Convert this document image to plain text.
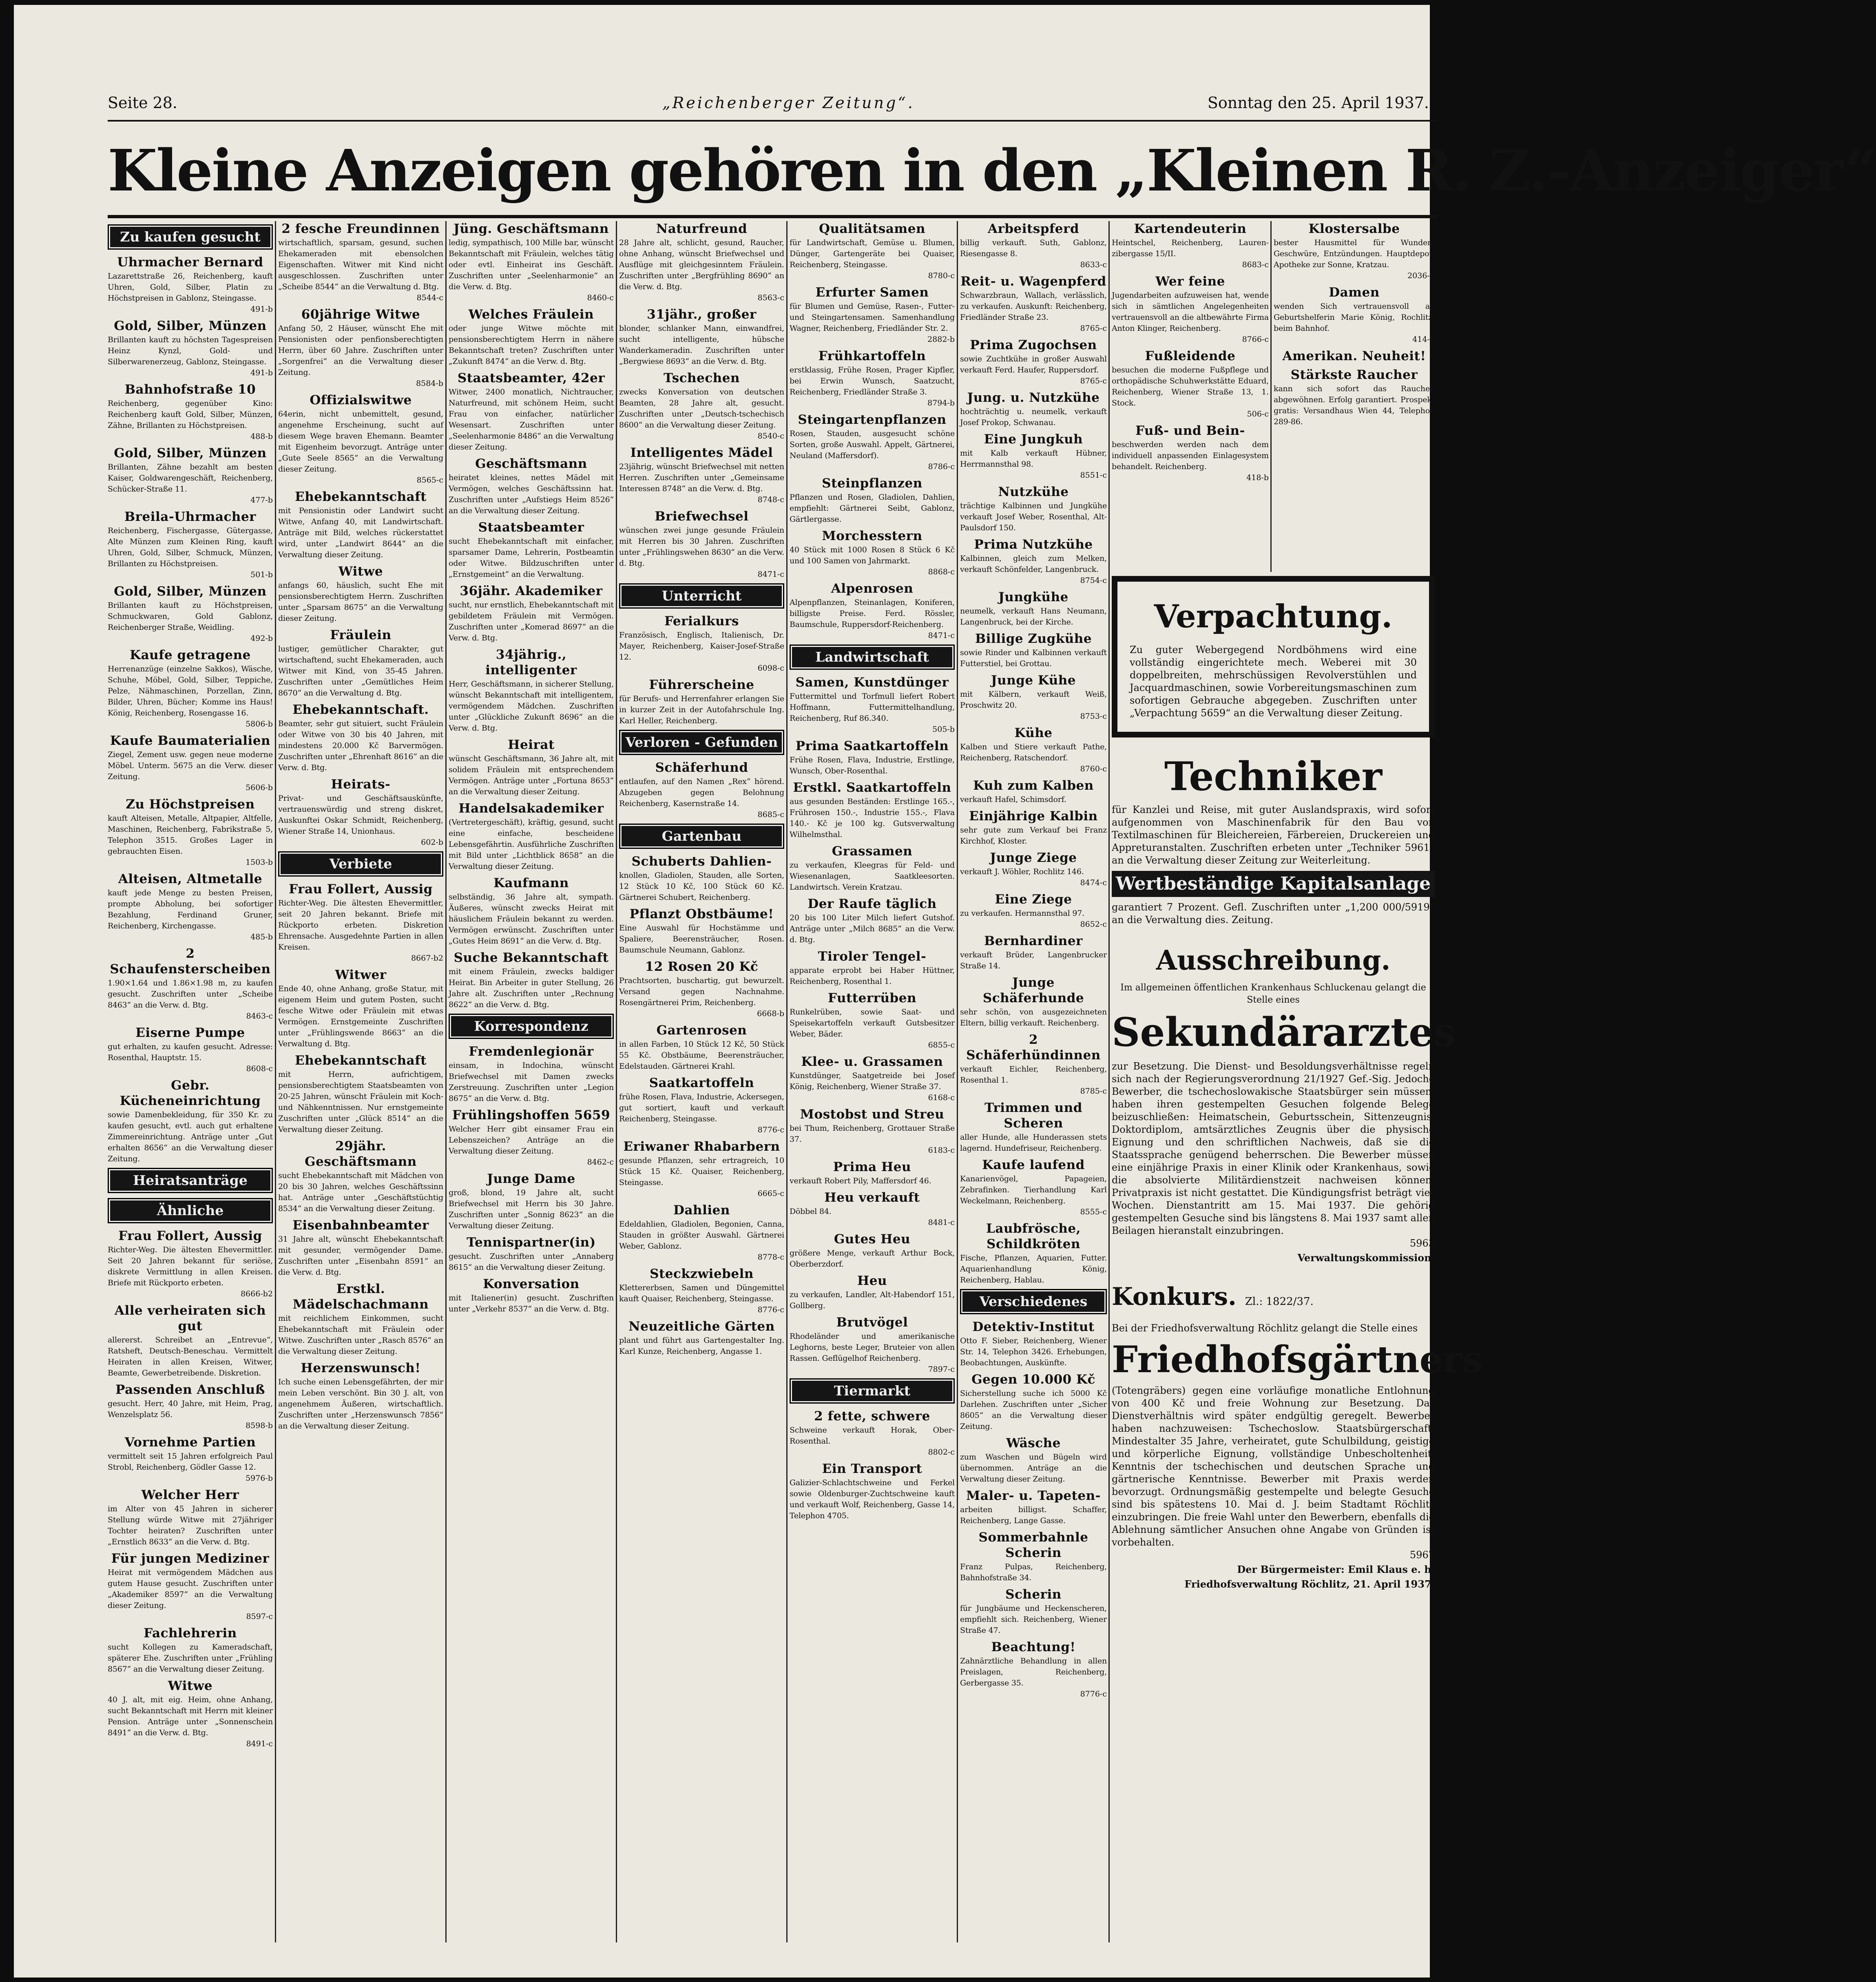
Seite 28.	„Reichenberger Zeitung“.	Sonntag den 25. April 1937.
Kleine Anzeigen gehören in den „Kleinen R. Z.-Anzeiger“
Zu kaufen gesucht
Uhrmacher Bernard

Lazarettstraße 26, Reichenberg, kauft Uhren, Gold, Silber, Platin zu Höchstpreisen in Gablonz, Steingasse.

491-b
Gold, Silber, Münzen

Brillanten kauft zu höchsten Tagespreisen Heinz Kynzl, Gold- und Silberwarenerzeug, Gablonz, Steingasse.

491-b
Bahnhofstraße 10

Reichenberg, gegenüber Kino: Reichenberg kauft Gold, Silber, Münzen, Zähne, Brillanten zu Höchstpreisen.

488-b
Gold, Silber, Münzen

Brillanten, Zähne bezahlt am besten Kaiser, Goldwarengeschäft, Reichenberg, Schücker-Straße 11.

477-b
Breila-Uhrmacher

Reichenberg, Fischergasse, Gütergasse, Alte Münzen zum Kleinen Ring, kauft Uhren, Gold, Silber, Schmuck, Münzen, Brillanten zu Höchstpreisen.

501-b
Gold, Silber, Münzen

Brillanten kauft zu Höchstpreisen, Schmuckwaren, Gold Gablonz, Reichenberger Straße, Weidling.

492-b
Kaufe getragene

Herrenanzüge (einzelne Sakkos), Wäsche, Schuhe, Möbel, Gold, Silber, Teppiche, Pelze, Nähmaschinen, Porzellan, Zinn, Bilder, Uhren, Bücher; Komme ins Haus! König, Reichenberg, Rosengasse 16.

5806-b
Kaufe Baumaterialien

Ziegel, Zement usw. gegen neue moderne Möbel. Unterm. 5675 an die Verw. dieser Zeitung.

5606-b
Zu Höchstpreisen

kauft Alteisen, Metalle, Altpapier, Altfelle, Maschinen, Reichenberg, Fabrikstraße 5, Telephon 3515. Großes Lager in gebrauchten Eisen.

1503-b
Alteisen, Altmetalle

kauft jede Menge zu besten Preisen, prompte Abholung, bei sofortiger Bezahlung, Ferdinand Gruner, Reichenberg, Kirchengasse.

485-b
2 Schaufensterscheiben

1.90×1.64 und 1.86×1.98 m, zu kaufen gesucht. Zuschriften unter „Scheibe 8463“ an die Verw. d. Btg.

8463-c
Eiserne Pumpe

gut erhalten, zu kaufen gesucht. Adresse: Rosenthal, Hauptstr. 15.

8608-c
Gebr. Kücheneinrichtung

sowie Damenbekleidung, für 350 Kr. zu kaufen gesucht, evtl. auch gut erhaltene Zimmereinrichtung. Anträge unter „Gut erhalten 8656“ an die Verwaltung dieser Zeitung.

Heiratsanträge
Ähnliche
Frau Follert, Aussig

Richter-Weg. Die ältesten Ehevermittler. Seit 20 Jahren bekannt für seriöse, diskrete Vermittlung in allen Kreisen. Briefe mit Rückporto erbeten.

8666-b2
Alle verheiraten sich gut

allererst. Schreibet an „Entrevue“, Ratsheft, Deutsch-Beneschau. Vermittelt Heiraten in allen Kreisen, Witwer, Beamte, Gewerbetreibende. Diskretion.

Passenden Anschluß

gesucht. Herr, 40 Jahre, mit Heim, Prag, Wenzelsplatz 56.

8598-b
Vornehme Partien

vermittelt seit 15 Jahren erfolgreich Paul Strobl, Reichenberg, Gödler Gasse 12.

5976-b
Welcher Herr

im Alter von 45 Jahren in sicherer Stellung würde Witwe mit 27jähriger Tochter heiraten? Zuschriften unter „Ernstlich 8633“ an die Verw. d. Btg.

Für jungen Mediziner

Heirat mit vermögendem Mädchen aus gutem Hause gesucht. Zuschriften unter „Akademiker 8597“ an die Verwaltung dieser Zeitung.

8597-c
Fachlehrerin

sucht Kollegen zu Kameradschaft, späterer Ehe. Zuschriften unter „Frühling 8567“ an die Verwaltung dieser Zeitung.

Witwe

40 J. alt, mit eig. Heim, ohne Anhang, sucht Bekanntschaft mit Herrn mit kleiner Pension. Anträge unter „Sonnenschein 8491“ an die Verw. d. Btg.

8491-c
2 fesche Freundinnen

wirtschaftlich, sparsam, gesund, suchen Ehekameraden mit ebensolchen Eigenschaften. Witwer mit Kind nicht ausgeschlossen. Zuschriften unter „Scheibe 8544“ an die Verwaltung d. Btg.

8544-c
60jährige Witwe

Anfang 50, 2 Häuser, wünscht Ehe mit Pensionisten oder penfionsberechtigten Herrn, über 60 Jahre. Zuschriften unter „Sorgenfrei“ an die Verwaltung dieser Zeitung.

8584-b
Offizialswitwe

64erin, nicht unbemittelt, gesund, angenehme Erscheinung, sucht auf diesem Wege braven Ehemann. Beamter mit Eigenheim bevorzugt. Anträge unter „Gute Seele 8565“ an die Verwaltung dieser Zeitung.

8565-c
Ehebekanntschaft

mit Pensionistin oder Landwirt sucht Witwe, Anfang 40, mit Landwirtschaft. Anträge mit Bild, welches rückerstattet wird, unter „Landwirt 8644“ an die Verwaltung dieser Zeitung.

Witwe

anfangs 60, häuslich, sucht Ehe mit pensionsberechtigtem Herrn. Zuschriften unter „Sparsam 8675“ an die Verwaltung dieser Zeitung.

Fräulein

lustiger, gemütlicher Charakter, gut wirtschaftend, sucht Ehekameraden, auch Witwer mit Kind, von 35-45 Jahren. Zuschriften unter „Gemütliches Heim 8670“ an die Verwaltung d. Btg.

Ehebekanntschaft.

Beamter, sehr gut situiert, sucht Fräulein oder Witwe von 30 bis 40 Jahren, mit mindestens 20.000 Kč Barvermögen. Zuschriften unter „Ehrenhaft 8616“ an die Verw. d. Btg.

Heirats-

Privat- und Geschäftsauskünfte, vertrauenswürdig und streng diskret, Auskunftei Oskar Schmidt, Reichenberg, Wiener Straße 14, Unionhaus.

602-b
Verbiete
Frau Follert, Aussig

Richter-Weg. Die ältesten Ehevermittler, seit 20 Jahren bekannt. Briefe mit Rückporto erbeten. Diskretion Ehrensache. Ausgedehnte Partien in allen Kreisen.

8667-b2
Witwer

Ende 40, ohne Anhang, große Statur, mit eigenem Heim und gutem Posten, sucht fesche Witwe oder Fräulein mit etwas Vermögen. Ernstgemeinte Zuschriften unter „Frühlingswende 8663“ an die Verwaltung d. Btg.

Ehebekanntschaft

mit Herrn, aufrichtigem, pensionsberechtigtem Staatsbeamten von 20-25 Jahren, wünscht Fräulein mit Koch- und Nähkenntnissen. Nur ernstgemeinte Zuschriften unter „Glück 8514“ an die Verwaltung dieser Zeitung.

29jähr. Geschäftsmann

sucht Ehebekanntschaft mit Mädchen von 20 bis 30 Jahren, welches Geschäftssinn hat. Anträge unter „Geschäftstüchtig 8534“ an die Verwaltung dieser Zeitung.

Eisenbahnbeamter

31 Jahre alt, wünscht Ehebekanntschaft mit gesunder, vermögender Dame. Zuschriften unter „Eisenbahn 8591“ an die Verw. d. Btg.

Erstkl. Mädelschachmann

mit reichlichem Einkommen, sucht Ehebekanntschaft mit Fräulein oder Witwe. Zuschriften unter „Rasch 8576“ an die Verwaltung dieser Zeitung.

Herzenswunsch!

Ich suche einen Lebensgefährten, der mir mein Leben verschönt. Bin 30 J. alt, von angenehmem Äußeren, wirtschaftlich. Zuschriften unter „Herzenswunsch 7856“ an die Verwaltung dieser Zeitung.

Jüng. Geschäftsmann

ledig, sympathisch, 100 Mille bar, wünscht Bekanntschaft mit Fräulein, welches tätig oder evtl. Einheirat ins Geschäft. Zuschriften unter „Seelenharmonie“ an die Verw. d. Btg.

8460-c
Welches Fräulein

oder junge Witwe möchte mit pensionsberechtigtem Herrn in nähere Bekanntschaft treten? Zuschriften unter „Zukunft 8474“ an die Verw. d. Btg.

Staatsbeamter, 42er

Witwer, 2400 monatlich, Nichtraucher, Naturfreund, mit schönem Heim, sucht Frau von einfacher, natürlicher Wesensart. Zuschriften unter „Seelenharmonie 8486“ an die Verwaltung dieser Zeitung.

Geschäftsmann

heiratet kleines, nettes Mädel mit Vermögen, welches Geschäftssinn hat. Zuschriften unter „Aufstiegs Heim 8526“ an die Verwaltung dieser Zeitung.

Staatsbeamter

sucht Ehebekanntschaft mit einfacher, sparsamer Dame, Lehrerin, Postbeamtin oder Witwe. Bildzuschriften unter „Ernstgemeint“ an die Verwaltung.

36jähr. Akademiker

sucht, nur ernstlich, Ehebekanntschaft mit gebildetem Fräulein mit Vermögen. Zuschriften unter „Komerad 8697“ an die Verw. d. Btg.

34jährig., intelligenter

Herr, Geschäftsmann, in sicherer Stellung, wünscht Bekanntschaft mit intelligentem, vermögendem Mädchen. Zuschriften unter „Glückliche Zukunft 8696“ an die Verw. d. Btg.

Heirat

wünscht Geschäftsmann, 36 Jahre alt, mit solidem Fräulein mit entsprechendem Vermögen. Anträge unter „Fortuna 8653“ an die Verwaltung dieser Zeitung.

Handelsakademiker

(Vertretergeschäft), kräftig, gesund, sucht eine einfache, bescheidene Lebensgefährtin. Ausführliche Zuschriften mit Bild unter „Lichtblick 8658“ an die Verwaltung dieser Zeitung.

Kaufmann

selbständig, 36 Jahre alt, sympath. Äußeres, wünscht zwecks Heirat mit häuslichem Fräulein bekannt zu werden. Vermögen erwünscht. Zuschriften unter „Gutes Heim 8691“ an die Verw. d. Btg.

Suche Bekanntschaft

mit einem Fräulein, zwecks baldiger Heirat. Bin Arbeiter in guter Stellung, 26 Jahre alt. Zuschriften unter „Rechnung 8622“ an die Verw. d. Btg.

Korrespondenz
Fremdenlegionär

einsam, in Indochina, wünscht Briefwechsel mit Damen zwecks Zerstreuung. Zuschriften unter „Legion 8675“ an die Verw. d. Btg.

Frühlingshoffen 5659

Welcher Herr gibt einsamer Frau ein Lebenszeichen? Anträge an die Verwaltung dieser Zeitung.

8462-c
Junge Dame

groß, blond, 19 Jahre alt, sucht Briefwechsel mit Herrn bis 30 Jahre. Zuschriften unter „Sonnig 8623“ an die Verwaltung dieser Zeitung.

Tennispartner(in)

gesucht. Zuschriften unter „Annaberg 8615“ an die Verwaltung dieser Zeitung.

Konversation

mit Italiener(in) gesucht. Zuschriften unter „Verkehr 8537“ an die Verw. d. Btg.

Naturfreund

28 Jahre alt, schlicht, gesund, Raucher, ohne Anhang, wünscht Briefwechsel und Ausflüge mit gleichgesinntem Fräulein. Zuschriften unter „Bergfrühling 8690“ an die Verw. d. Btg.

8563-c
31jähr., großer

blonder, schlanker Mann, einwandfrei, sucht intelligente, hübsche Wanderkameradin. Zuschriften unter „Bergwiese 8693“ an die Verw. d. Btg.

Tschechen

zwecks Konversation von deutschen Beamten, 28 Jahre alt, gesucht. Zuschriften unter „Deutsch-tschechisch 8600“ an die Verwaltung dieser Zeitung.

8540-c
Intelligentes Mädel

23jährig, wünscht Briefwechsel mit netten Herren. Zuschriften unter „Gemeinsame Interessen 8748“ an die Verw. d. Btg.

8748-c
Briefwechsel

wünschen zwei junge gesunde Fräulein mit Herren bis 30 Jahren. Zuschriften unter „Frühlingswehen 8630“ an die Verw. d. Btg.

8471-c
Unterricht
Ferialkurs

Französisch, Englisch, Italienisch, Dr. Mayer, Reichenberg, Kaiser-Josef-Straße 12.

6098-c
Führerscheine

für Berufs- und Herrenfahrer erlangen Sie in kurzer Zeit in der Autofahrschule Ing. Karl Heller, Reichenberg.

Verloren - Gefunden
Schäferhund

entlaufen, auf den Namen „Rex“ hörend. Abzugeben gegen Belohnung Reichenberg, Kasernstraße 14.

8685-c
Gartenbau
Schuberts Dahlien-

knollen, Gladiolen, Stauden, alle Sorten, 12 Stück 10 Kč, 100 Stück 60 Kč. Gärtnerei Schubert, Reichenberg.

Pflanzt Obstbäume!

Eine Auswahl für Hochstämme und Spaliere, Beerensträucher, Rosen. Baumschule Neumann, Gablonz.

12 Rosen 20 Kč

Prachtsorten, buschartig, gut bewurzelt. Versand gegen Nachnahme. Rosengärtnerei Prim, Reichenberg.

6668-b
Gartenrosen

in allen Farben, 10 Stück 12 Kč, 50 Stück 55 Kč. Obstbäume, Beerensträucher, Edelstauden. Gärtnerei Krahl.

Saatkartoffeln

frühe Rosen, Flava, Industrie, Ackersegen, gut sortiert, kauft und verkauft Reichenberg, Steingasse.

8776-c
Eriwaner Rhabarbern

gesunde Pflanzen, sehr ertragreich, 10 Stück 15 Kč. Quaiser, Reichenberg, Steingasse.

6665-c
Dahlien

Edeldahlien, Gladiolen, Begonien, Canna, Stauden in größter Auswahl. Gärtnerei Weber, Gablonz.

8778-c
Steckzwiebeln

Klettererbsen, Samen und Düngemittel kauft Quaiser, Reichenberg, Steingasse.

8776-c
Neuzeitliche Gärten

plant und führt aus Gartengestalter Ing. Karl Kunze, Reichenberg, Angasse 1.

Qualitätsamen

für Landwirtschaft, Gemüse u. Blumen, Dünger, Gartengeräte bei Quaiser, Reichenberg, Steingasse.

8780-c
Erfurter Samen

für Blumen und Gemüse, Rasen-, Futter- und Steingartensamen. Samenhandlung Wagner, Reichenberg, Friedländer Str. 2.

2882-b
Frühkartoffeln

erstklassig, Frühe Rosen, Prager Kipfler, bei Erwin Wunsch, Saatzucht, Reichenberg, Friedländer Straße 3.

8794-b
Steingartenpflanzen

Rosen, Stauden, ausgesucht schöne Sorten, große Auswahl. Appelt, Gärtnerei, Neuland (Maffersdorf).

8786-c
Steinpflanzen

Pflanzen und Rosen, Gladiolen, Dahlien, empfiehlt: Gärtnerei Seibt, Gablonz, Gärtlergasse.

Morchesstern

40 Stück mit 1000 Rosen 8 Stück 6 Kč und 100 Samen von Jahrmarkt.

8868-c
Alpenrosen

Alpenpflanzen, Steinanlagen, Koniferen, billigste Preise. Ferd. Rössler, Baumschule, Ruppersdorf-Reichenberg.

8471-c
Landwirtschaft
Samen, Kunstdünger

Futtermittel und Torfmull liefert Robert Hoffmann, Futtermittelhandlung, Reichenberg, Ruf 86.340.

505-b
Prima Saatkartoffeln

Frühe Rosen, Flava, Industrie, Erstlinge, Wunsch, Ober-Rosenthal.

Erstkl. Saatkartoffeln

aus gesunden Beständen: Erstlinge 165.-, Frührosen 150.-, Industrie 155.-, Flava 140.- Kč je 100 kg. Gutsverwaltung Wilhelmsthal.

Grassamen

zu verkaufen, Kleegras für Feld- und Wiesenanlagen, Saatkleesorten. Landwirtsch. Verein Kratzau.

Der Raufe täglich

20 bis 100 Liter Milch liefert Gutshof. Anträge unter „Milch 8685“ an die Verw. d. Btg.

Tiroler Tengel-

apparate erprobt bei Haber Hüttner, Reichenberg, Rosenthal 1.

Futterrüben

Runkelrüben, sowie Saat- und Speisekartoffeln verkauft Gutsbesitzer Weber, Bäder.

6855-c
Klee- u. Grassamen

Kunstdünger, Saatgetreide bei Josef König, Reichenberg, Wiener Straße 37.

6168-c
Mostobst und Streu

bei Thum, Reichenberg, Grottauer Straße 37.

6183-c
Prima Heu

verkauft Robert Pily, Maffersdorf 46.

Heu verkauft

Döbbel 84.

8481-c
Gutes Heu

größere Menge, verkauft Arthur Bock, Oberberzdorf.

Heu

zu verkaufen, Landler, Alt-Habendorf 151, Gollberg.

Brutvögel

Rhodeländer und amerikanische Leghorns, beste Leger, Bruteier von allen Rassen. Geflügelhof Reichenberg.

7897-c
Tiermarkt
2 fette, schwere

Schweine verkauft Horak, Ober-Rosenthal.

8802-c
Ein Transport

Galizier-Schlachtschweine und Ferkel sowie Oldenburger-Zuchtschweine kauft und verkauft Wolf, Reichenberg, Gasse 14, Telephon 4705.

Arbeitspferd

billig verkauft. Suth, Gablonz, Riesengasse 8.

8633-c
Reit- u. Wagenpferd

Schwarzbraun, Wallach, verlässlich, zu verkaufen. Auskunft: Reichenberg, Friedländer Straße 23.

8765-c
Prima Zugochsen

sowie Zuchtkühe in großer Auswahl verkauft Ferd. Haufer, Ruppersdorf.

8765-c
Jung. u. Nutzkühe

hochträchtig u. neumelk, verkauft Josef Prokop, Schwanau.

Eine Jungkuh

mit Kalb verkauft Hübner, Herrmannsthal 98.

8551-c
Nutzkühe

trächtige Kalbinnen und Jungkühe verkauft Josef Weber, Rosenthal, Alt-Paulsdorf 150.

Prima Nutzkühe

Kalbinnen, gleich zum Melken, verkauft Schönfelder, Langenbruck.

8754-c
Jungkühe

neumelk, verkauft Hans Neumann, Langenbruck, bei der Kirche.

Billige Zugkühe

sowie Rinder und Kalbinnen verkauft Futterstiel, bei Grottau.

Junge Kühe

mit Kälbern, verkauft Weiß, Proschwitz 20.

8753-c
Kühe

Kalben und Stiere verkauft Pathe, Reichenberg, Ratschendorf.

8760-c
Kuh zum Kalben

verkauft Hafel, Schimsdorf.

Einjährige Kalbin

sehr gute zum Verkauf bei Franz Kirchhof, Kloster.

Junge Ziege

verkauft J. Wöhler, Rochlitz 146.

8474-c
Eine Ziege

zu verkaufen. Hermannsthal 97.

8652-c
Bernhardiner

verkauft Brüder, Langenbrucker Straße 14.

Junge Schäferhunde

sehr schön, von ausgezeichneten Eltern, billig verkauft. Reichenberg.

2 Schäferhündinnen

verkauft Eichler, Reichenberg, Rosenthal 1.

8785-c
Trimmen und Scheren

aller Hunde, alle Hunderassen stets lagernd. Hundefriseur, Reichenberg.

Kaufe laufend

Kanarienvögel, Papageien, Zebrafinken. Tierhandlung Karl Weckelmann, Reichenberg.

8555-c
Laubfrösche, Schildkröten

Fische, Pflanzen, Aquarien, Futter. Aquarienhandlung König, Reichenberg, Hablau.

Verschiedenes
Detektiv-Institut

Otto F. Sieber, Reichenberg, Wiener Str. 14, Telephon 3426. Erhebungen, Beobachtungen, Auskünfte.

Gegen 10.000 Kč

Sicherstellung suche ich 5000 Kč Darlehen. Zuschriften unter „Sicher 8605“ an die Verwaltung dieser Zeitung.

Wäsche

zum Waschen und Bügeln wird übernommen. Anträge an die Verwaltung dieser Zeitung.

Maler- u. Tapeten-

arbeiten billigst. Schaffer, Reichenberg, Lange Gasse.

Sommerbahnle Scherin

Franz Pulpas, Reichenberg, Bahnhofstraße 34.

Scherin

für Jungbäume und Heckenscheren, empfiehlt sich. Reichenberg, Wiener Straße 47.

Beachtung!

Zahnärztliche Behandlung in allen Preislagen, Reichenberg, Gerbergasse 35.

8776-c
Kartendeuterin

Heintschel, Reichenberg, Lauren- zibergasse 15/II.

8683-c
Wer feine

Jugendarbeiten aufzuweisen hat, wende sich in sämtlichen Angelegenheiten vertrauensvoll an die altbewährte Firma Anton Klinger, Reichenberg.

8766-c
Fußleidende

besuchen die moderne Fußpflege und orthopädische Schuhwerkstätte Eduard, Reichenberg, Wiener Straße 13, 1. Stock.

506-c
Fuß- und Bein-

beschwerden werden nach dem individuell anpassenden Einlagesystem behandelt. Reichenberg.

418-b
Klostersalbe

bester Hausmittel für Wunden, Geschwüre, Entzündungen. Hauptdepot: Apotheke zur Sonne, Kratzau.

2036-b
Damen

wenden Sich vertrauensvoll an Geburtshelferin Marie König, Rochlitz, beim Bahnhof.

414-b
Amerikan. Neuheit!
Stärkste Raucher

kann sich sofort das Rauchen abgewöhnen. Erfolg garantiert. Prospekt gratis: Versandhaus Wien 44, Telephon 289-86.

Verpachtung.

Zu guter Webergegend Nordböhmens wird eine vollständig eingerichtete mech. Weberei mit 30 doppelbreiten, mehrschüssigen Revolverstühlen und Jacquardmaschinen, sowie Vorbereitungsmaschinen zum sofortigen Gebrauche abgegeben. Zuschriften unter „Verpachtung 5659“ an die Verwaltung dieser Zeitung.

Techniker

für Kanzlei und Reise, mit guter Auslandspraxis, wird sofort aufgenommen von Maschinenfabrik für den Bau von Textilmaschinen für Bleichereien, Färbereien, Druckereien und Appreturanstalten. Zuschriften erbeten unter „Techniker 5961“ an die Verwaltung dieser Zeitung zur Weiterleitung.

Wertbeständige Kapitalsanlage

garantiert 7 Prozent. Gefl. Zuschriften unter „1,200 000/5919“ an die Verwaltung dies. Zeitung.

Ausschreibung.
Im allgemeinen öffentlichen Krankenhaus Schluckenau gelangt die Stelle eines
Sekundärarztes

zur Besetzung. Die Dienst- und Besoldungsverhältnisse regeln sich nach der Regierungsverordnung 21/1927 Gef.-Sig. Jedoche Bewerber, die tschechoslowakische Staatsbürger sein müssen, haben ihren gestempelten Gesuchen folgende Belege beizuschließen: Heimatschein, Geburtsschein, Sittenzeugnis, Doktordiplom, amtsärztliches Zeugnis über die physische Eignung und den schriftlichen Nachweis, daß sie die Staatssprache genügend beherrschen. Die Bewerber müssen eine einjährige Praxis in einer Klinik oder Krankenhaus, sowie die absolvierte Militärdienstzeit nachweisen können. Privatpraxis ist nicht gestattet. Die Kündigungsfrist beträgt vier Wochen. Dienstantritt am 15. Mai 1937. Die gehörig gestempelten Gesuche sind bis längstens 8. Mai 1937 samt allen Beilagen hieranstalt einzubringen.

5963
Verwaltungskommission.
Konkurs. Zl.: 1822/37.

Bei der Friedhofsverwaltung Röchlitz gelangt die Stelle eines

Friedhofsgärtners

(Totengräbers) gegen eine vorläufige monatliche Entlohnung von 400 Kč und freie Wohnung zur Besetzung. Das Dienstverhältnis wird später endgültig geregelt. Bewerber haben nachzuweisen: Tschechoslow. Staatsbürgerschaft, Mindestalter 35 Jahre, verheiratet, gute Schulbildung, geistige und körperliche Eignung, vollständige Unbescholtenheit, Kenntnis der tschechischen und deutschen Sprache und gärtnerische Kenntnisse. Bewerber mit Praxis werden bevorzugt. Ordnungsmäßig gestempelte und belegte Gesuche sind bis spätestens 10. Mai d. J. beim Stadtamt Röchlitz einzubringen. Die freie Wahl unter den Bewerbern, ebenfalls die Ablehnung sämtlicher Ansuchen ohne Angabe von Gründen ist vorbehalten.

5967
Der Bürgermeister: Emil Klaus e. h.
Friedhofsverwaltung Röchlitz, 21. April 1937.
